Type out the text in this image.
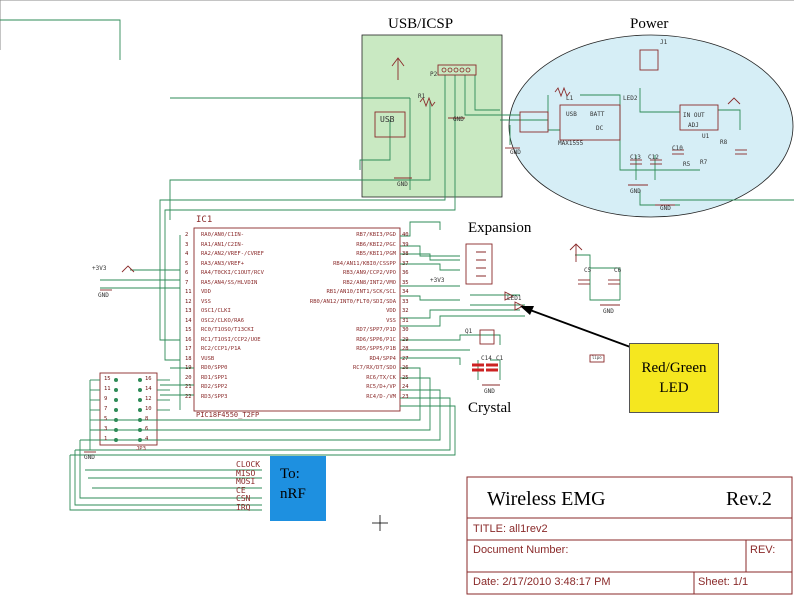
USB/ICSP	Power
Expansion
Crystal
Red/Green
LED
To:
nRF
IC1
PIC18F4550_T2FP
2 RA0/AN0/C1IN-
3 RA1/AN1/C2IN-
4 RA2/AN2/VREF-/CVREF
5 RA3/AN3/VREF+
6 RA4/T0CKI/C1OUT/RCV
7 RA5/AN4/SS/HLVDIN
11 VDD
12 VSS
13 OSC1/CLKI
14 OSC2/CLKO/RA6
15 RC0/T1OSO/T13CKI
16 RC1/T1OSI/CCP2/UOE
17 RC2/CCP1/P1A
18 VUSB
19 RD0/SPP0
20 RD1/SPP1
21 RD2/SPP2
22 RD3/SPP3
RB7/KBI3/PGD 40
RB6/KBI2/PGC 39
RB5/KBI1/PGM 38
RB4/AN11/KBI0/CSSPP 37
RB3/AN9/CCP2/VPO 36
RB2/AN8/INT2/VMO 35
RB1/AN10/INT1/SCK/SCL 34
RB0/AN12/INT0/FLT0/SDI/SDA 33
VDD 32
VSS 31
RD7/SPP7/P1D 30
RD6/SPP6/P1C 29
RD5/SPP5/P1B 28
RD4/SPP4 27
RC7/RX/DT/SDO 26
RC6/TX/CK 25
RC5/D+/VP 24
RC4/D-/VM 23
JP3
15
11
9
7
5
3
1
16
14
12
10
8
6
4
CLOCK
MISO
MOSI
CE
CSN
IRQ
GND
GND
GND
GND
GND
GND
GND
GND
GND
+3V3
+3V3
USB
MAX1555
LED1
LED2
Q1
C14 C1
C5	C6
C10
C12
C13
lipo
IN OUT
ADJ
BATT
DC
USB
P2
J1
R1
R5 R7
R8
L1
U1
Wireless EMG	Rev.2
TITLE: all1rev2
Document Number:	REV:
Date: 2/17/2010 3:48:17 PM	Sheet: 1/1
